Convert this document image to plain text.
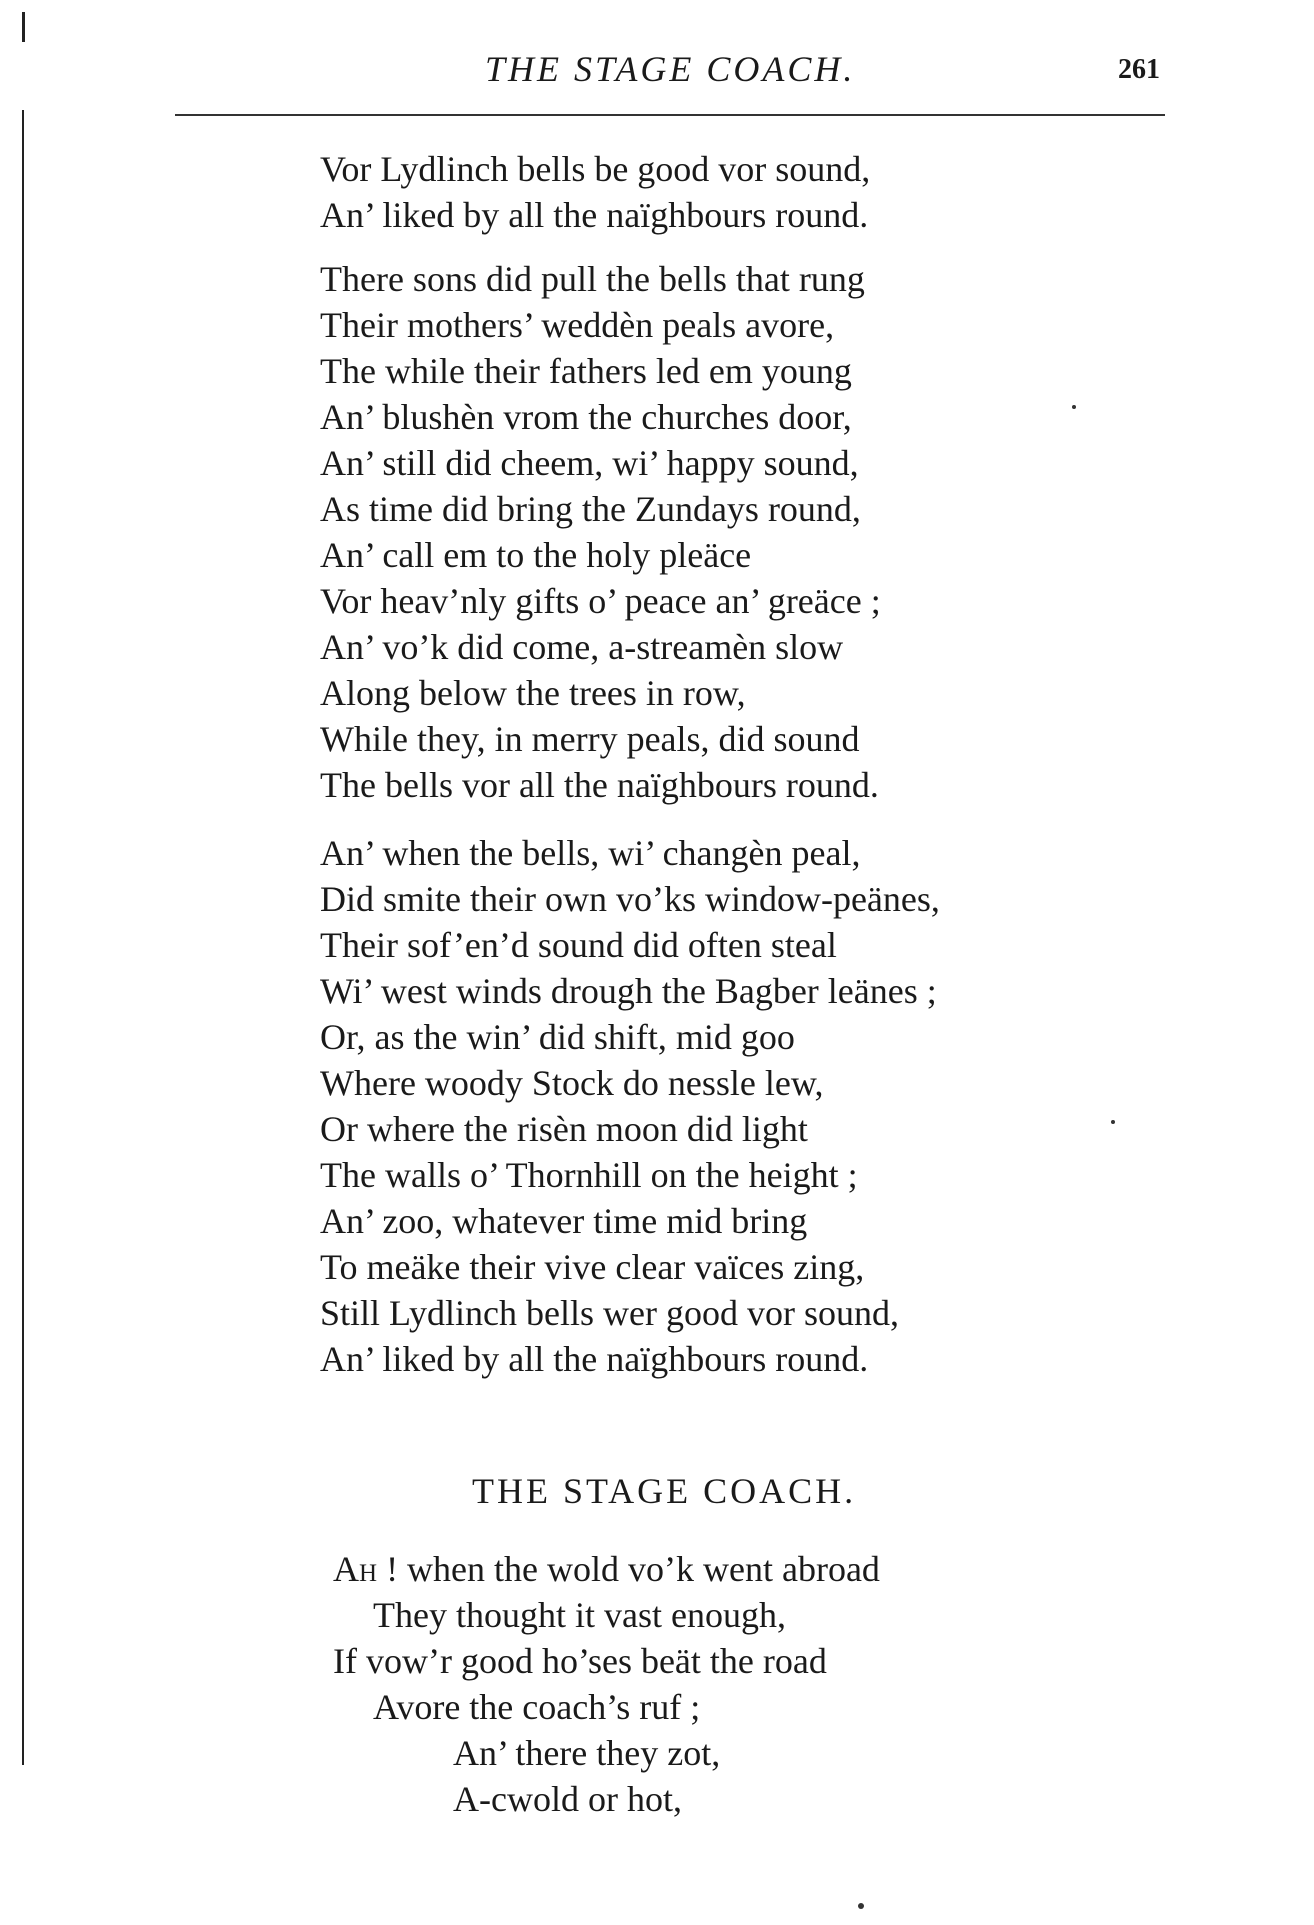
THE STAGE COACH.	261
Vor Lydlinch bells be good vor sound,
An’ liked by all the naïghbours round.
There sons did pull the bells that rung
Their mothers’ weddèn peals avore,
The while their fathers led em young
An’ blushèn vrom the churches door,
An’ still did cheem, wi’ happy sound,
As time did bring the Zundays round,
An’ call em to the holy pleäce
Vor heav’nly gifts o’ peace an’ greäce ;
An’ vo’k did come, a-streamèn slow
Along below the trees in row,
While they, in merry peals, did sound
The bells vor all the naïghbours round.
An’ when the bells, wi’ changèn peal,
Did smite their own vo’ks window-peänes,
Their sof’en’d sound did often steal
Wi’ west winds drough the Bagber leänes ;
Or, as the win’ did shift, mid goo
Where woody Stock do nessle lew,
Or where the risèn moon did light
The walls o’ Thornhill on the height ;
An’ zoo, whatever time mid bring
To meäke their vive clear vaïces zing,
Still Lydlinch bells wer good vor sound,
An’ liked by all the naïghbours round.
THE STAGE COACH.
Ah ! when the wold vo’k went abroad
They thought it vast enough,
If vow’r good ho’ses beät the road
Avore the coach’s ruf ;
An’ there they zot,
A-cwold or hot,
